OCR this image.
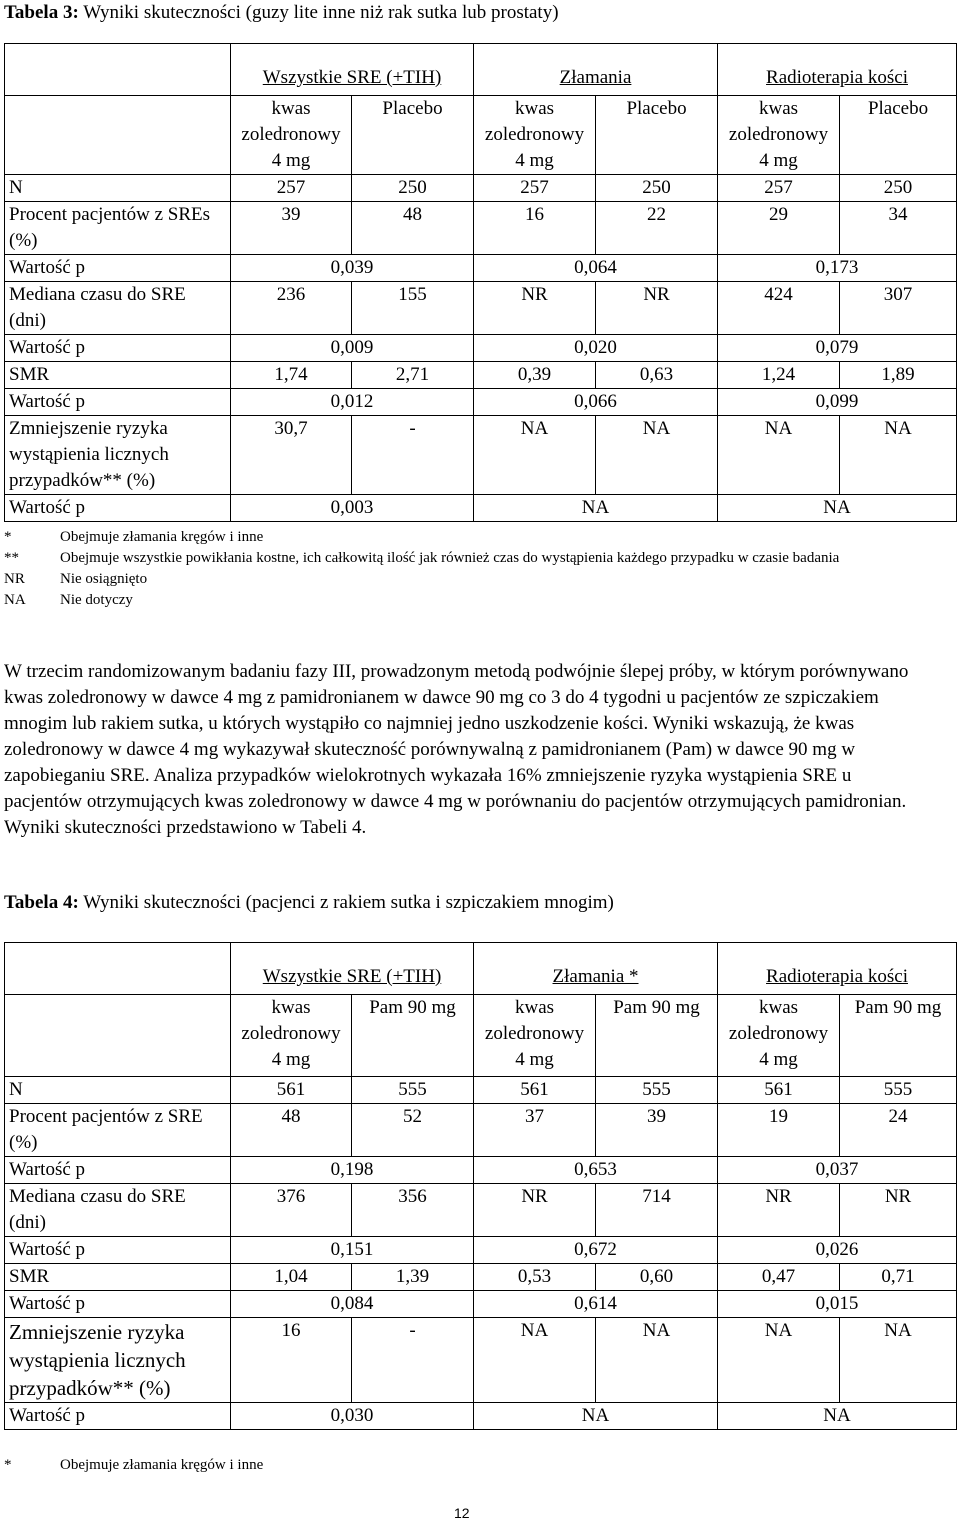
Tabela 3: Wyniki skuteczności (guzy lite inne niż rak sutka lub prostaty)
	Wszystkie SRE (+TIH)		Złamania		Radioterapia kości	
	kwas zoledronowy 4 mg	Placebo	kwas zoledronowy 4 mg	Placebo	kwas zoledronowy 4 mg	Placebo
N	257	250	257	250	257	250
Procent pacjentów z SREs (%)	39	48	16	22	29	34
Wartość p	0,039		0,064		0,173	
Mediana czasu do SRE (dni)	236	155	NR	NR	424	307
Wartość p	0,009		0,020		0,079	
SMR	1,74	2,71	0,39	0,63	1,24	1,89
Wartość p	0,012		0,066		0,099	
Zmniejszenie ryzyka wystąpienia licznych przypadków** (%)	30,7	-	NA	NA	NA	NA
Wartość p	0,003		NA		NA	
*	Obejmuje złamania kręgów i inne
**	Obejmuje wszystkie powikłania kostne, ich całkowitą ilość jak również czas do wystąpienia każdego przypadku w czasie badania
NR	Nie osiągnięto
NA	Nie dotyczy
W trzecim randomizowanym badaniu fazy III, prowadzonym metodą podwójnie ślepej próby, w którym porównywano kwas zoledronowy w dawce 4 mg z pamidronianem w dawce 90 mg co 3 do 4 tygodni u pacjentów ze szpiczakiem mnogim lub rakiem sutka, u których wystąpiło co najmniej jedno uszkodzenie kości. Wyniki wskazują, że kwas zoledronowy w dawce 4 mg wykazywał skuteczność porównywalną z pamidronianem (Pam) w dawce 90 mg w zapobieganiu SRE. Analiza przypadków wielokrotnych wykazała 16% zmniejszenie ryzyka wystąpienia SRE u pacjentów otrzymujących kwas zoledronowy w dawce 4 mg w porównaniu do pacjentów otrzymujących pamidronian. Wyniki skuteczności przedstawiono w Tabeli 4.
Tabela 4: Wyniki skuteczności (pacjenci z rakiem sutka i szpiczakiem mnogim)
	Wszystkie SRE (+TIH)		Złamania *		Radioterapia kości	
	kwas zoledronowy 4 mg	Pam 90 mg	kwas zoledronowy 4 mg	Pam 90 mg	kwas zoledronowy 4 mg	Pam 90 mg
N	561	555	561	555	561	555
Procent pacjentów z SRE (%)	48	52	37	39	19	24
Wartość p	0,198		0,653		0,037	
Mediana czasu do SRE (dni)	376	356	NR	714	NR	NR
Wartość p	0,151		0,672		0,026	
SMR	1,04	1,39	0,53	0,60	0,47	0,71
Wartość p	0,084		0,614		0,015	
Zmniejszenie ryzyka wystąpienia licznych przypadków** (%)	16	-	NA	NA	NA	NA
Wartość p	0,030		NA		NA	
*	Obejmuje złamania kręgów i inne
12
